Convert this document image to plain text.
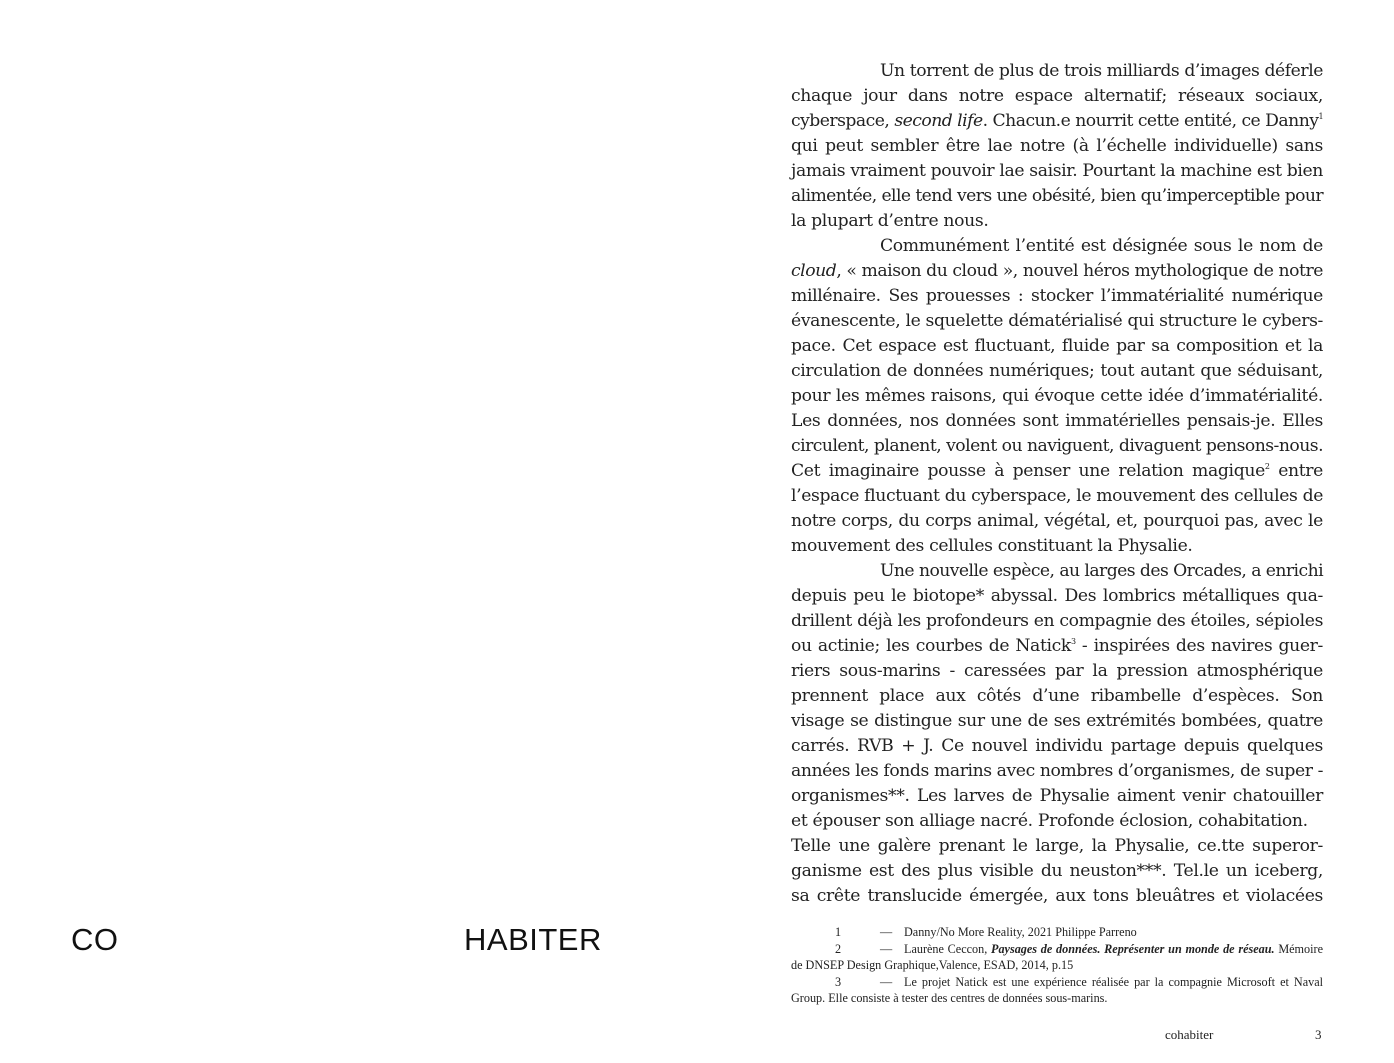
CO	HABITER
Un torrent de plus de trois milliards d’images déferle
chaque jour dans notre espace alternatif; réseaux sociaux,
cyberspace, second life. Chacun.e nourrit cette entité, ce Danny$^1$
qui peut sembler être lae notre (à l’échelle individuelle) sans
jamais vraiment pouvoir lae saisir. Pourtant la machine est bien
alimentée, elle tend vers une obésité, bien qu’imperceptible pour
la plupart d’entre nous.
Communément l’entité est désignée sous le nom de
cloud, « maison du cloud », nouvel héros mythologique de notre
millénaire. Ses prouesses : stocker l’immatérialité numérique
évanescente, le squelette dématérialisé qui structure le cybers-
pace. Cet espace est fluctuant, fluide par sa composition et la
circulation de données numériques; tout autant que séduisant,
pour les mêmes raisons, qui évoque cette idée d’immatérialité.
Les données, nos données sont immatérielles pensais-je. Elles
circulent, planent, volent ou naviguent, divaguent pensons-nous.
Cet imaginaire pousse à penser une relation magique$^2$ entre
l’espace fluctuant du cyberspace, le mouvement des cellules de
notre corps, du corps animal, végétal, et, pourquoi pas, avec le
mouvement des cellules constituant la Physalie.
Une nouvelle espèce, au larges des Orcades, a enrichi
depuis peu le biotope* abyssal. Des lombrics métalliques qua-
drillent déjà les profondeurs en compagnie des étoiles, sépioles
ou actinie; les courbes de Natick$^3$ - inspirées des navires guer-
riers sous-marins - caressées par la pression atmosphérique
prennent place aux côtés d’une ribambelle d’espèces. Son
visage se distingue sur une de ses extrémités bombées, quatre
carrés. RVB + J. Ce nouvel individu partage depuis quelques
années les fonds marins avec nombres d’organismes, de super -
organismes**. Les larves de Physalie aiment venir chatouiller
et épouser son alliage nacré. Profonde éclosion, cohabitation.
Telle une galère prenant le large, la Physalie, ce.tte superor-
ganisme est des plus visible du neuston***. Tel.le un iceberg,
sa crête translucide émergée, aux tons bleuâtres et violacées

1	— Danny/No More Reality, 2021 Philippe Parreno

2	— Laurène Ceccon, Paysages de données. Représenter un monde de réseau. Mémoire de DNSEP Design Graphique,Valence, ESAD, 2014, p.15

3	— Le projet Natick est une expérience réalisée par la compagnie Microsoft et Naval Group. Elle consiste à tester des centres de données sous-marins.

cohabiter	3
